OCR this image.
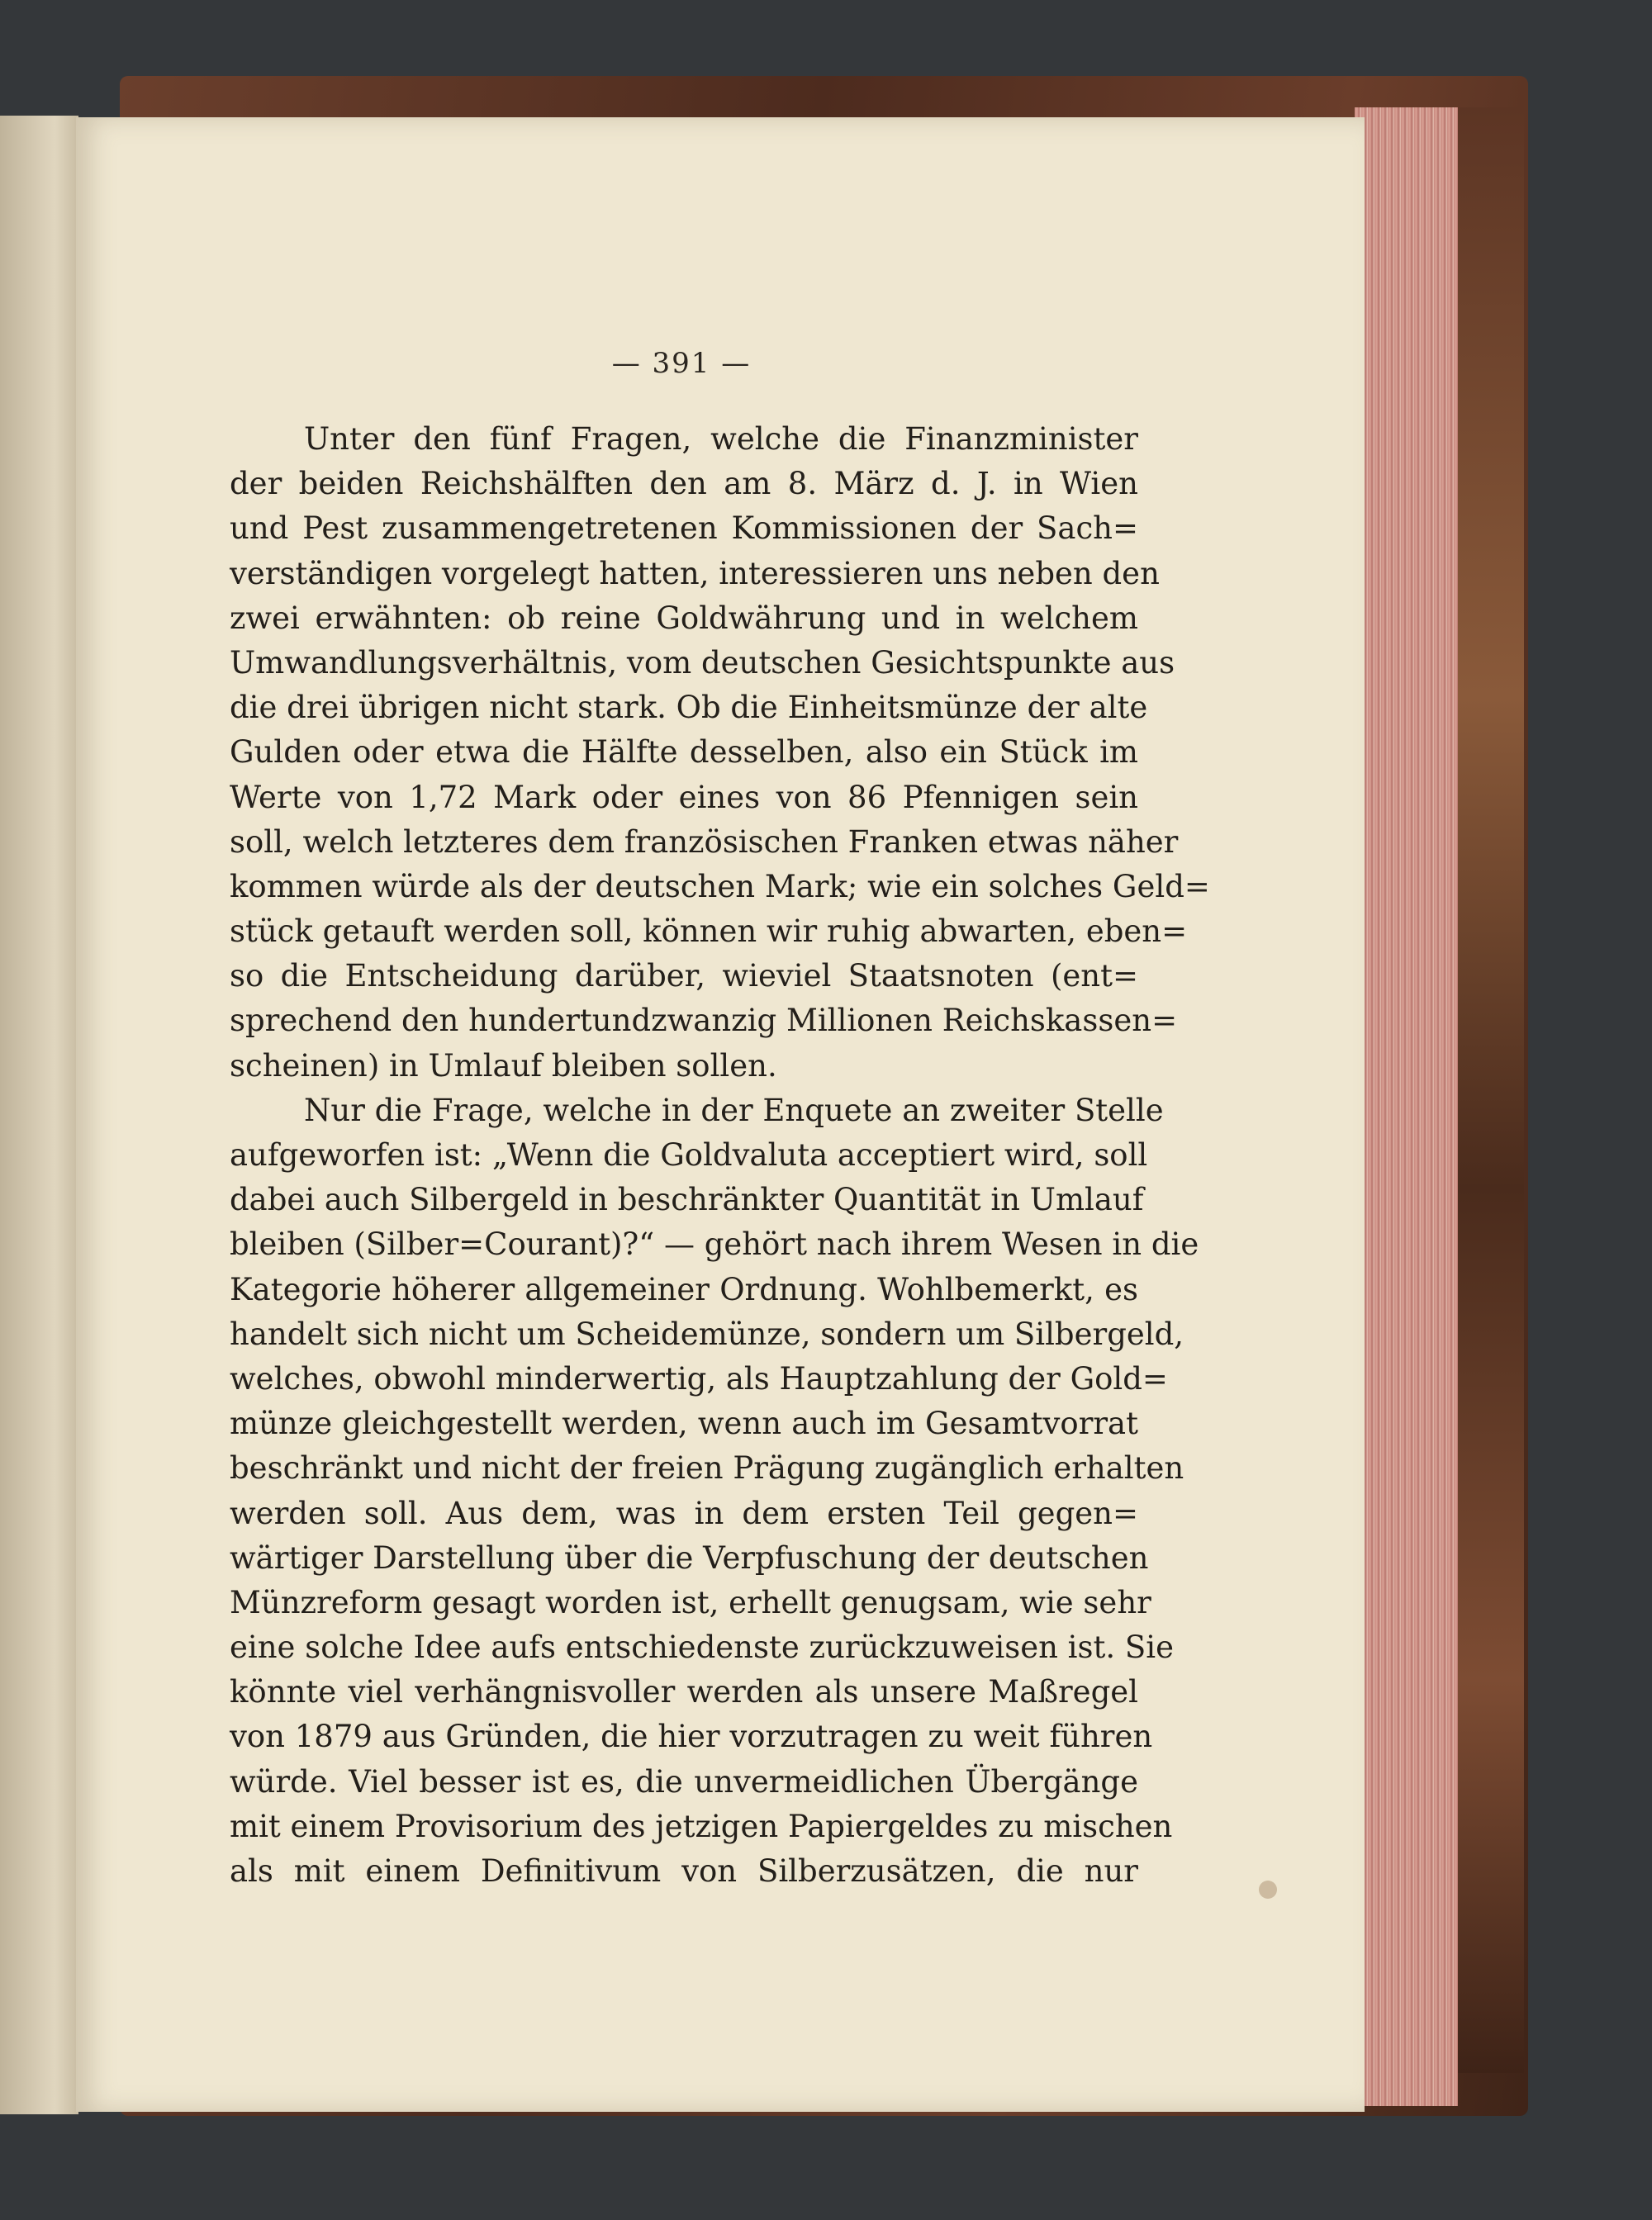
— 391 —
Unter den fünf Fragen, welche die Finanzminister
der beiden Reichshälften den am 8. März d. J. in Wien
und Pest zusammengetretenen Kommissionen der Sach=
verständigen vorgelegt hatten, interessieren uns neben den
zwei erwähnten: ob reine Goldwährung und in welchem
Umwandlungsverhältnis, vom deutschen Gesichtspunkte aus
die drei übrigen nicht stark. Ob die Einheitsmünze der alte
Gulden oder etwa die Hälfte desselben, also ein Stück im
Werte von 1,72 Mark oder eines von 86 Pfennigen sein
soll, welch letzteres dem französischen Franken etwas näher
kommen würde als der deutschen Mark; wie ein solches Geld=
stück getauft werden soll, können wir ruhig abwarten, eben=
so die Entscheidung darüber, wieviel Staatsnoten (ent=
sprechend den hundertundzwanzig Millionen Reichskassen=
scheinen) in Umlauf bleiben sollen.
Nur die Frage, welche in der Enquete an zweiter Stelle
aufgeworfen ist: „Wenn die Goldvaluta acceptiert wird, soll
dabei auch Silbergeld in beschränkter Quantität in Umlauf
bleiben (Silber=Courant)?“ — gehört nach ihrem Wesen in die
Kategorie höherer allgemeiner Ordnung. Wohlbemerkt, es
handelt sich nicht um Scheidemünze, sondern um Silbergeld,
welches, obwohl minderwertig, als Hauptzahlung der Gold=
münze gleichgestellt werden, wenn auch im Gesamtvorrat
beschränkt und nicht der freien Prägung zugänglich erhalten
werden soll. Aus dem, was in dem ersten Teil gegen=
wärtiger Darstellung über die Verpfuschung der deutschen
Münzreform gesagt worden ist, erhellt genugsam, wie sehr
eine solche Idee aufs entschiedenste zurückzuweisen ist. Sie
könnte viel verhängnisvoller werden als unsere Maßregel
von 1879 aus Gründen, die hier vorzutragen zu weit führen
würde. Viel besser ist es, die unvermeidlichen Übergänge
mit einem Provisorium des jetzigen Papiergeldes zu mischen
als mit einem Definitivum von Silberzusätzen, die nur
